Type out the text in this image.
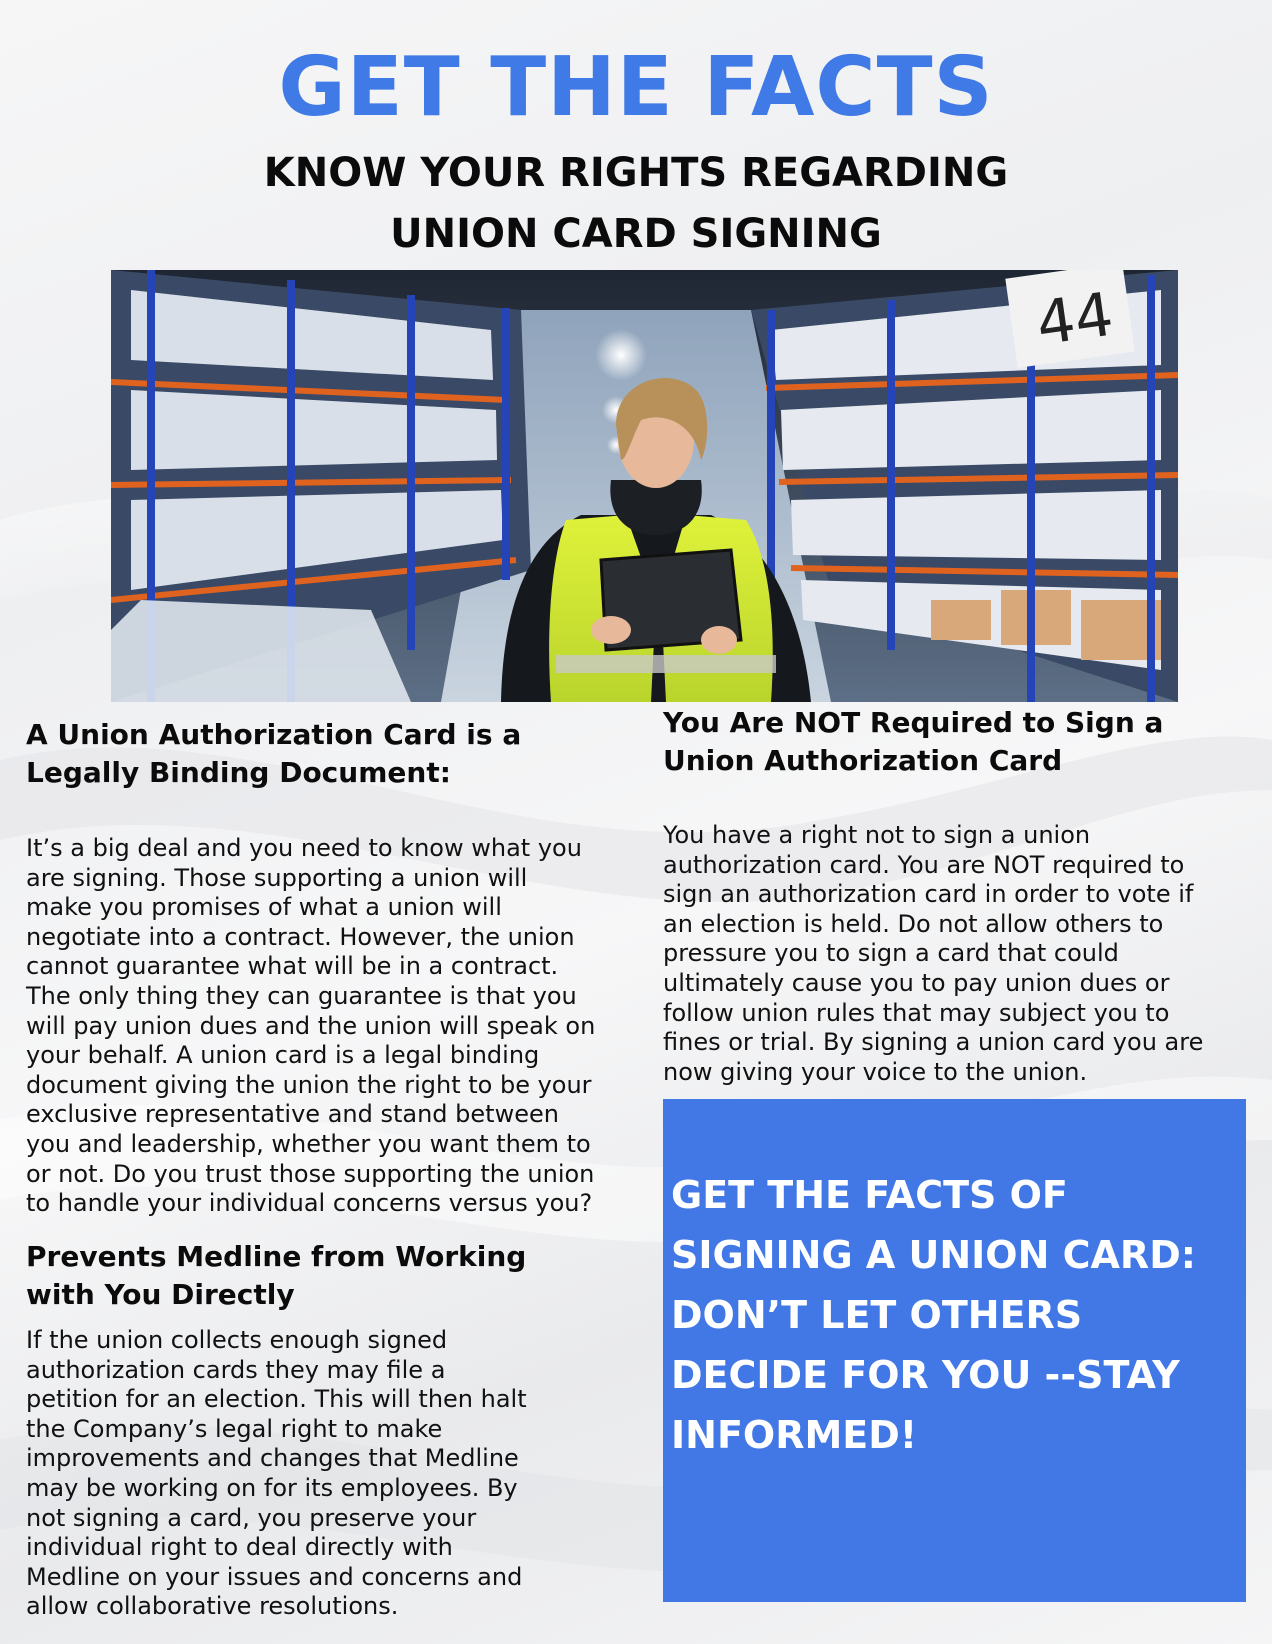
GET THE FACTS
KNOW YOUR RIGHTS REGARDING
UNION CARD SIGNING
44
A Union Authorization Card is a
Legally Binding Document:

It’s a big deal and you need to know what you
are signing. Those supporting a union will
make you promises of what a union will
negotiate into a contract. However, the union
cannot guarantee what will be in a contract.
The only thing they can guarantee is that you
will pay union dues and the union will speak on
your behalf. A union card is a legal binding
document giving the union the right to be your
exclusive representative and stand between
you and leadership, whether you want them to
or not. Do you trust those supporting the union
to handle your individual concerns versus you?

Prevents Medline from Working
with You Directly

If the union collects enough signed
authorization cards they may file a
petition for an election. This will then halt
the Company’s legal right to make
improvements and changes that Medline
may be working on for its employees. By
not signing a card, you preserve your
individual right to deal directly with
Medline on your issues and concerns and
allow collaborative resolutions.

You Are NOT Required to Sign a
Union Authorization Card

You have a right not to sign a union
authorization card. You are NOT required to
sign an authorization card in order to vote if
an election is held. Do not allow others to
pressure you to sign a card that could
ultimately cause you to pay union dues or
follow union rules that may subject you to
fines or trial. By signing a union card you are
now giving your voice to the union.

GET THE FACTS OF
SIGNING A UNION CARD:
DON’T LET OTHERS
DECIDE FOR YOU --STAY
INFORMED!
